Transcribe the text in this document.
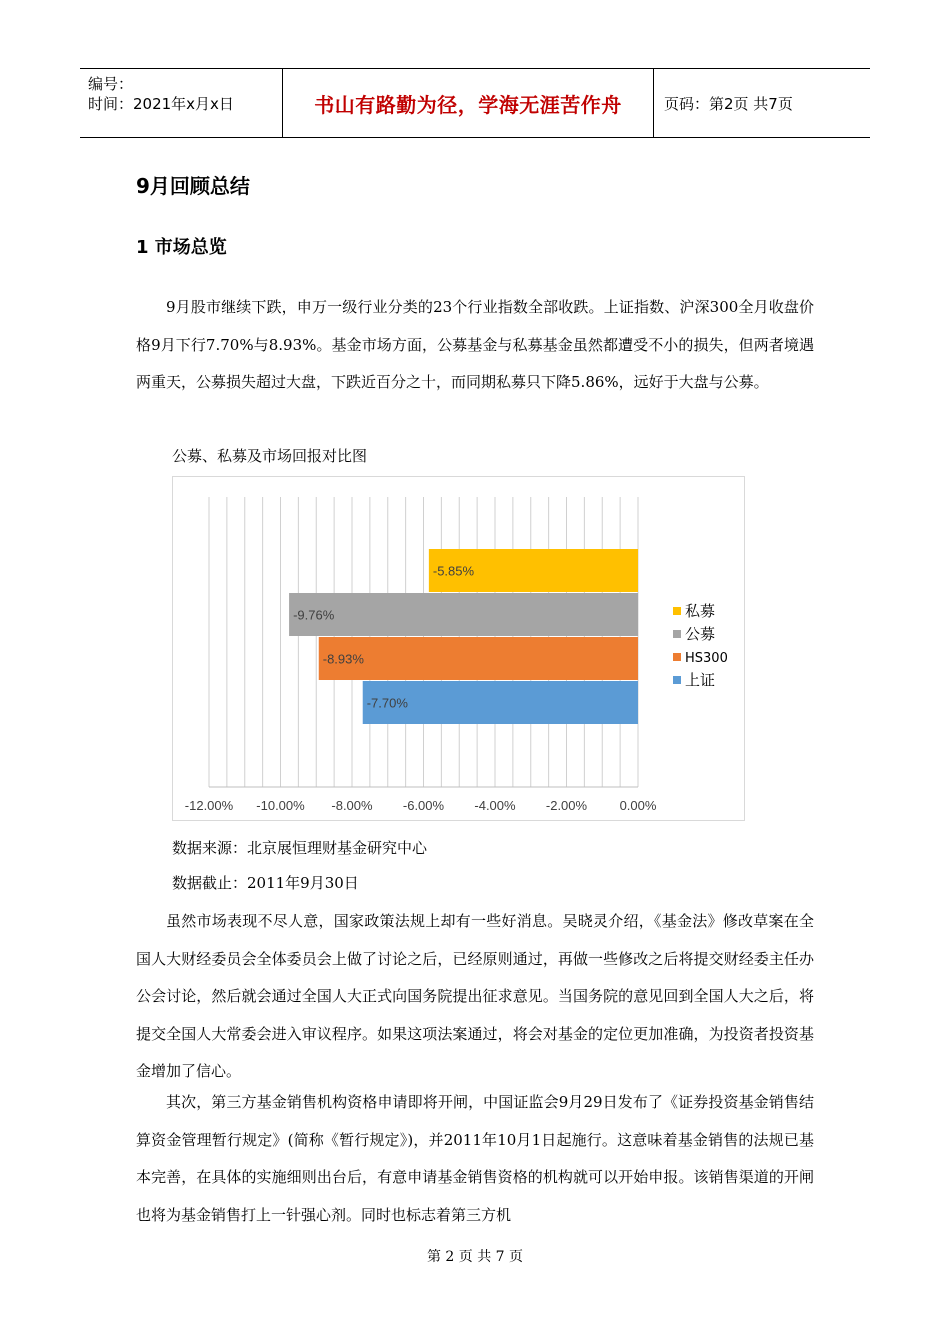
编号：
时间：2021年x月x日	书山有路勤为径，学海无涯苦作舟	页码：第2页 共7页
9月回顾总结
1 市场总览

9月股市继续下跌，申万一级行业分类的23个行业指数全部收跌。上证指数、沪深300全月收盘价格9月下行7.70%与8.93%。基金市场方面，公募基金与私募基金虽然都遭受不小的损失，但两者境遇两重天，公募损失超过大盘，下跌近百分之十，而同期私募只下降5.86%，远好于大盘与公募。

公募、私募及市场回报对比图

-12.00% -10.00% -8.00% -6.00% -4.00% -2.00% 0.00%
-5.85%
-9.76%
-8.93%
-7.70%
私募
公募
HS300
上证

数据来源：北京展恒理财基金研究中心

数据截止：2011年9月30日

虽然市场表现不尽人意，国家政策法规上却有一些好消息。吴晓灵介绍，《基金法》修改草案在全国人大财经委员会全体委员会上做了讨论之后，已经原则通过，再做一些修改之后将提交财经委主任办公会讨论，然后就会通过全国人大正式向国务院提出征求意见。当国务院的意见回到全国人大之后，将提交全国人大常委会进入审议程序。如果这项法案通过，将会对基金的定位更加准确，为投资者投资基金增加了信心。

其次，第三方基金销售机构资格申请即将开闸，中国证监会9月29日发布了《证券投资基金销售结算资金管理暂行规定》(简称《暂行规定》)，并2011年10月1日起施行。这意味着基金销售的法规已基本完善，在具体的实施细则出台后，有意申请基金销售资格的机构就可以开始申报。该销售渠道的开闸也将为基金销售打上一针强心剂。同时也标志着第三方机

第 2 页 共 7 页
